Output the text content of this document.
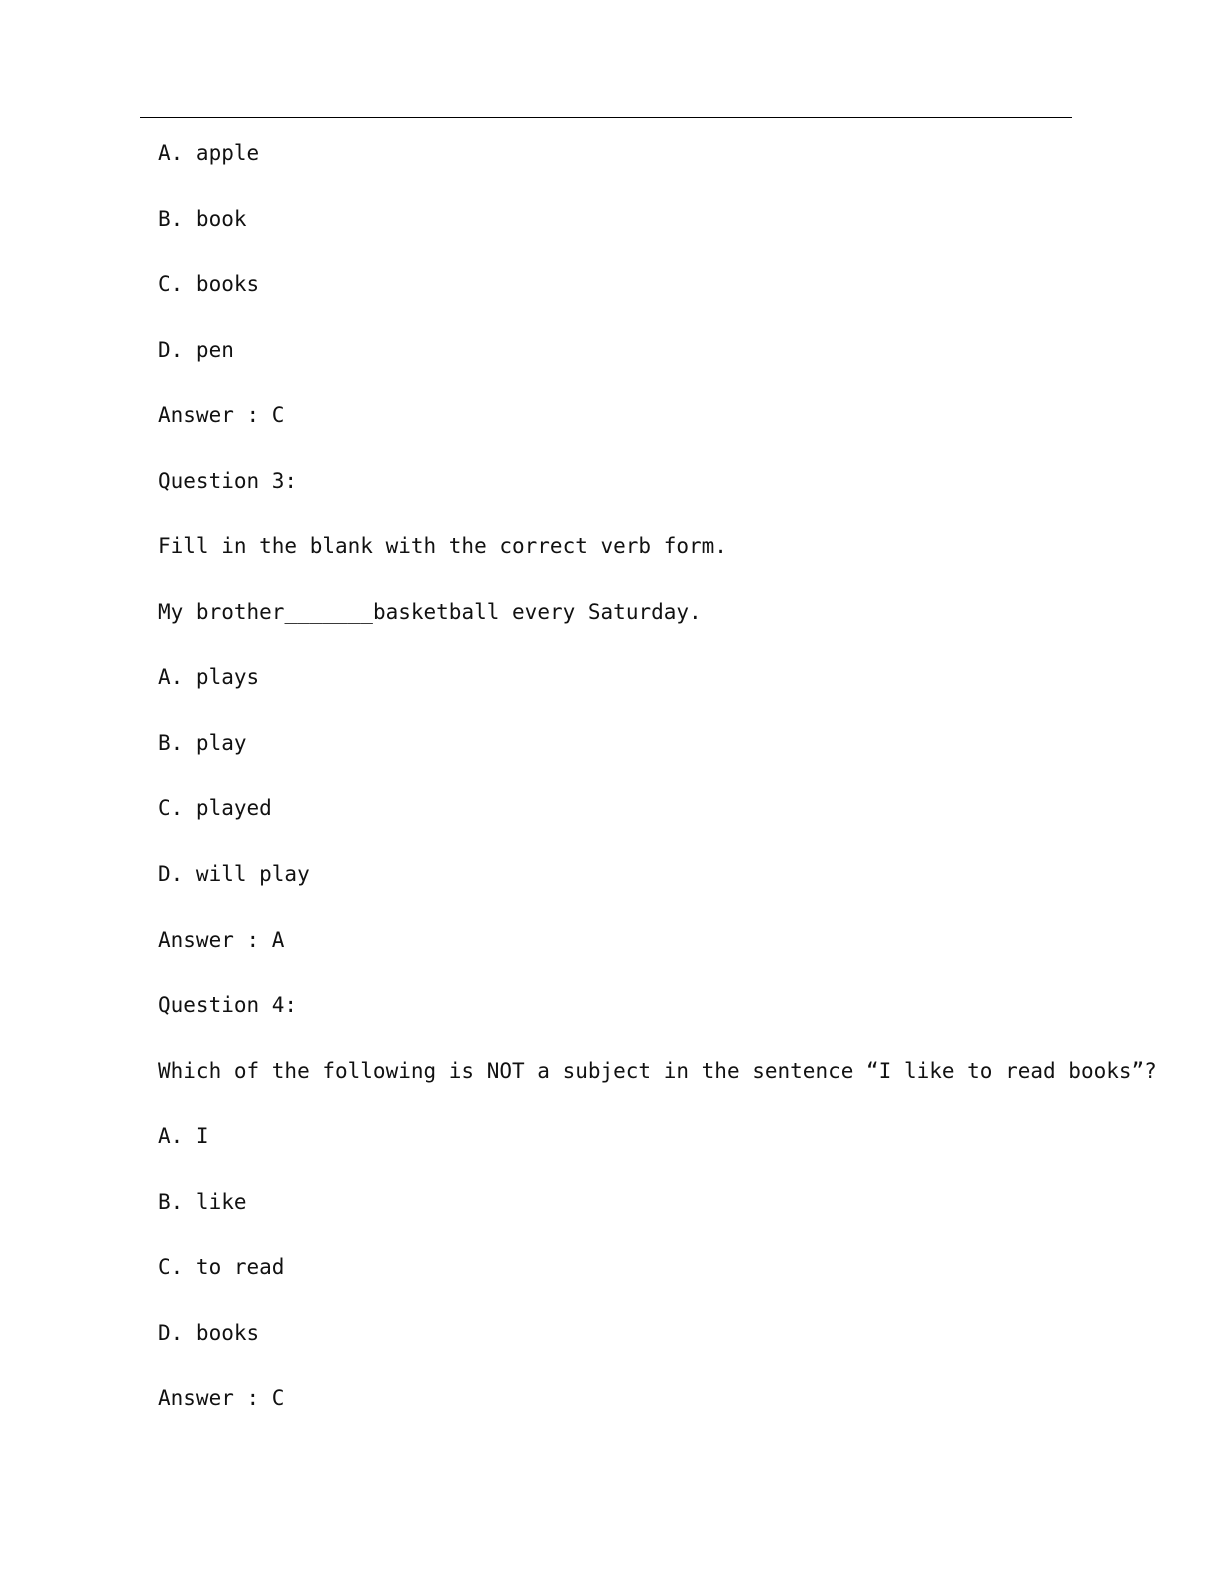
A. apple
B. book
C. books
D. pen
Answer : C
Question 3:
Fill in the blank with the correct verb form.
My brother_______basketball every Saturday.
A. plays
B. play
C. played
D. will play
Answer : A
Question 4:
Which of the following is NOT a subject in the sentence “I like to read books”?
A. I
B. like
C. to read
D. books
Answer : C
